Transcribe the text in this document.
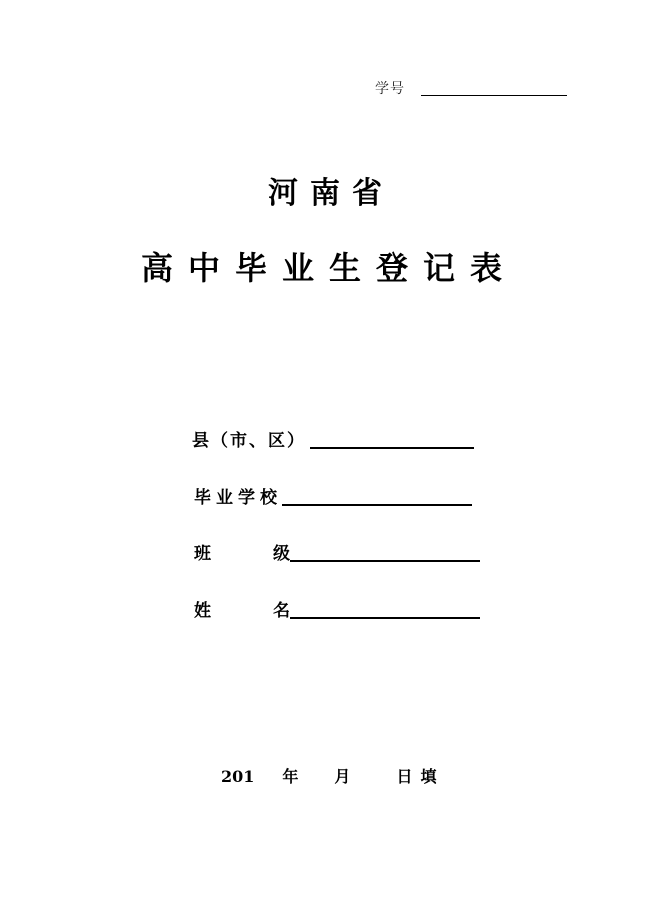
学号
河南省
高中毕业生登记表
县（市、区）
毕业学校
班	级
姓	名
201 年 月	日 填
